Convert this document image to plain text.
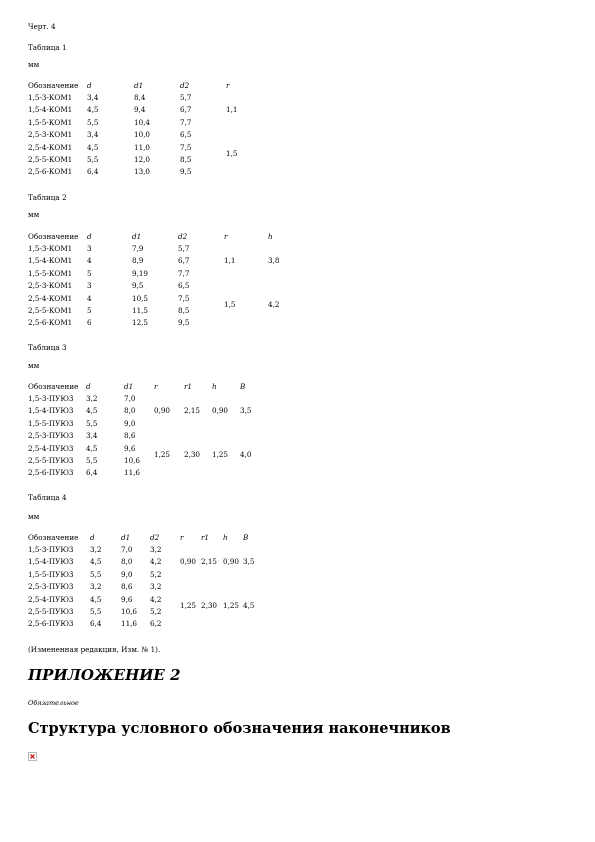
Черт. 4
Таблица 1
мм
Обозначение	d	d1	d2	r
1,5-3-КОМ1	3,4	8,4	5,7	1,1
1,5-4-КОМ1	4,5	9,4	6,7	
1,5-5-КОМ1	5,5	10,4	7,7	
2,5-3-КОМ1	3,4	10,0	6,5	1,5
2,5-4-КОМ1	4,5	11,0	7,5	
2,5-5-КОМ1	5,5	12,0	8,5	
2,5-6-КОМ1	6,4	13,0	9,5	
Таблица 2
мм
Обозначение	d	d1	d2	r	h
1,5-3-КОМ1	3	7,9	5,7	1,1	3,8
1,5-4-КОМ1	4	8,9	6,7		
1,5-5-КОМ1	5	9,19	7,7		
2,5-3-КОМ1	3	9,5	6,5	1,5	4,2
2,5-4-КОМ1	4	10,5	7,5		
2,5-5-КОМ1	5	11,5	8,5		
2,5-6-КОМ1	6	12,5	9,5		
Таблица 3
мм
Обозначение	d	d1	r	r1	h	B
1,5-3-ПУЮ3	3,2	7,0	0,90	2,15	0,90	3,5
1,5-4-ПУЮ3	4,5	8,0				
1,5-5-ПУЮ3	5,5	9,0				
2,5-3-ПУЮ3	3,4	8,6	1,25	2,30	1,25	4,0
2,5-4-ПУЮ3	4,5	9,6				
2,5-5-ПУЮ3	5,5	10,6				
2,5-6-ПУЮ3	6,4	11,6				
Таблица 4
мм
Обозначение	d	d1	d2	r	r1	h	B
1,5-3-ПУЮ3	3,2	7,0	3,2	0,90	2,15	0,90	3,5
1,5-4-ПУЮ3	4,5	8,0	4,2				
1,5-5-ПУЮ3	5,5	9,0	5,2				
2,5-3-ПУЮ3	3,2	8,6	3,2	1,25	2,30	1,25	4,5
2,5-4-ПУЮ3	4,5	9,6	4,2				
2,5-5-ПУЮ3	5,5	10,6	5,2				
2,5-6-ПУЮ3	6,4	11,6	6,2				
(Измененная редакция, Изм. № 1).
ПРИЛОЖЕНИЕ 2
Обязательное
Структура условного обозначения наконечников
